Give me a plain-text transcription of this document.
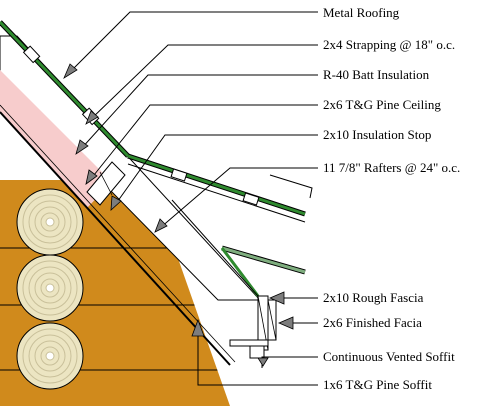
Metal Roofing
2x4 Strapping @ 18" o.c.
R-40 Batt Insulation
2x6 T&G Pine Ceiling
2x10 Insulation Stop
11 7/8" Rafters @ 24" o.c.
2x10 Rough Fascia
2x6 Finished Facia
Continuous Vented Soffit
1x6 T&G Pine Soffit
